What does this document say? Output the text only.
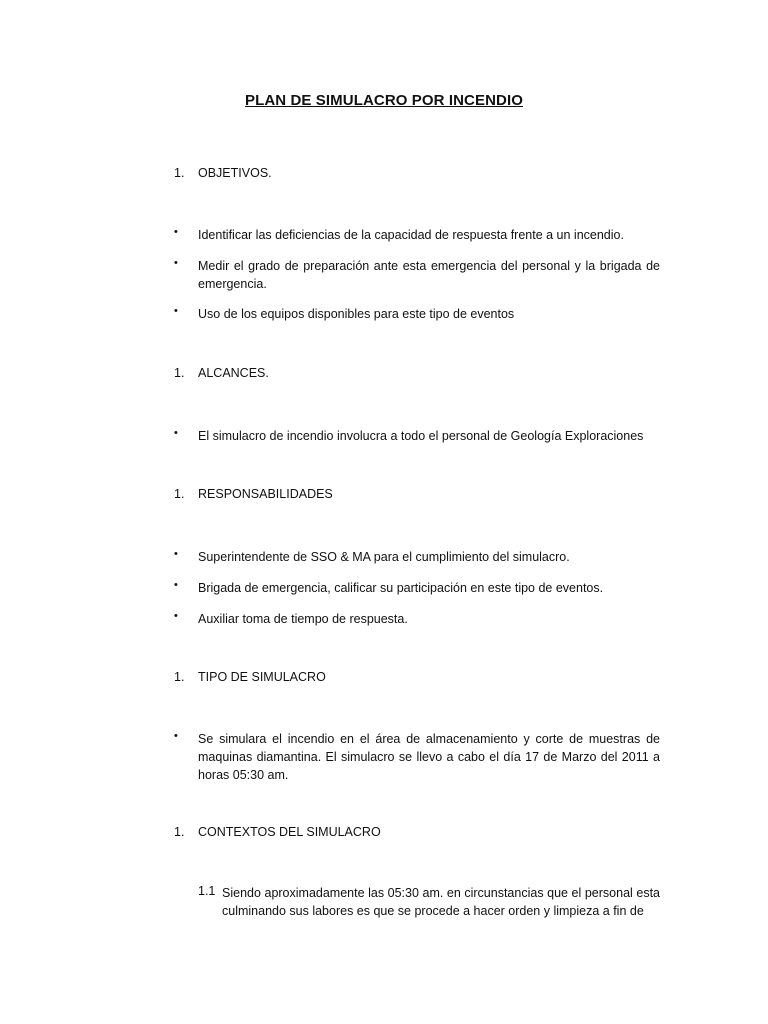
PLAN DE SIMULACRO POR INCENDIO
1. OBJETIVOS.
•	Identificar las deficiencias de la capacidad de respuesta frente a un incendio.
•	Medir el grado de preparación ante esta emergencia del personal y la brigada de emergencia.
•	Uso de los equipos disponibles para este tipo de eventos
1. ALCANCES.
•	El simulacro de incendio involucra a todo el personal de Geología Exploraciones
1. RESPONSABILIDADES
•	Superintendente de SSO & MA para el cumplimiento del simulacro.
•	Brigada de emergencia, calificar su participación en este tipo de eventos.
•	Auxiliar toma de tiempo de respuesta.
1. TIPO DE SIMULACRO
•	Se simulara el incendio en el área de almacenamiento y corte de muestras de maquinas diamantina. El simulacro se llevo a cabo el día 17 de Marzo del 2011 a horas 05:30 am.
1. CONTEXTOS DEL SIMULACRO
1.1 Siendo aproximadamente las 05:30 am. en circunstancias que el personal esta culminando sus labores es que se procede a hacer orden y limpieza a fin de
